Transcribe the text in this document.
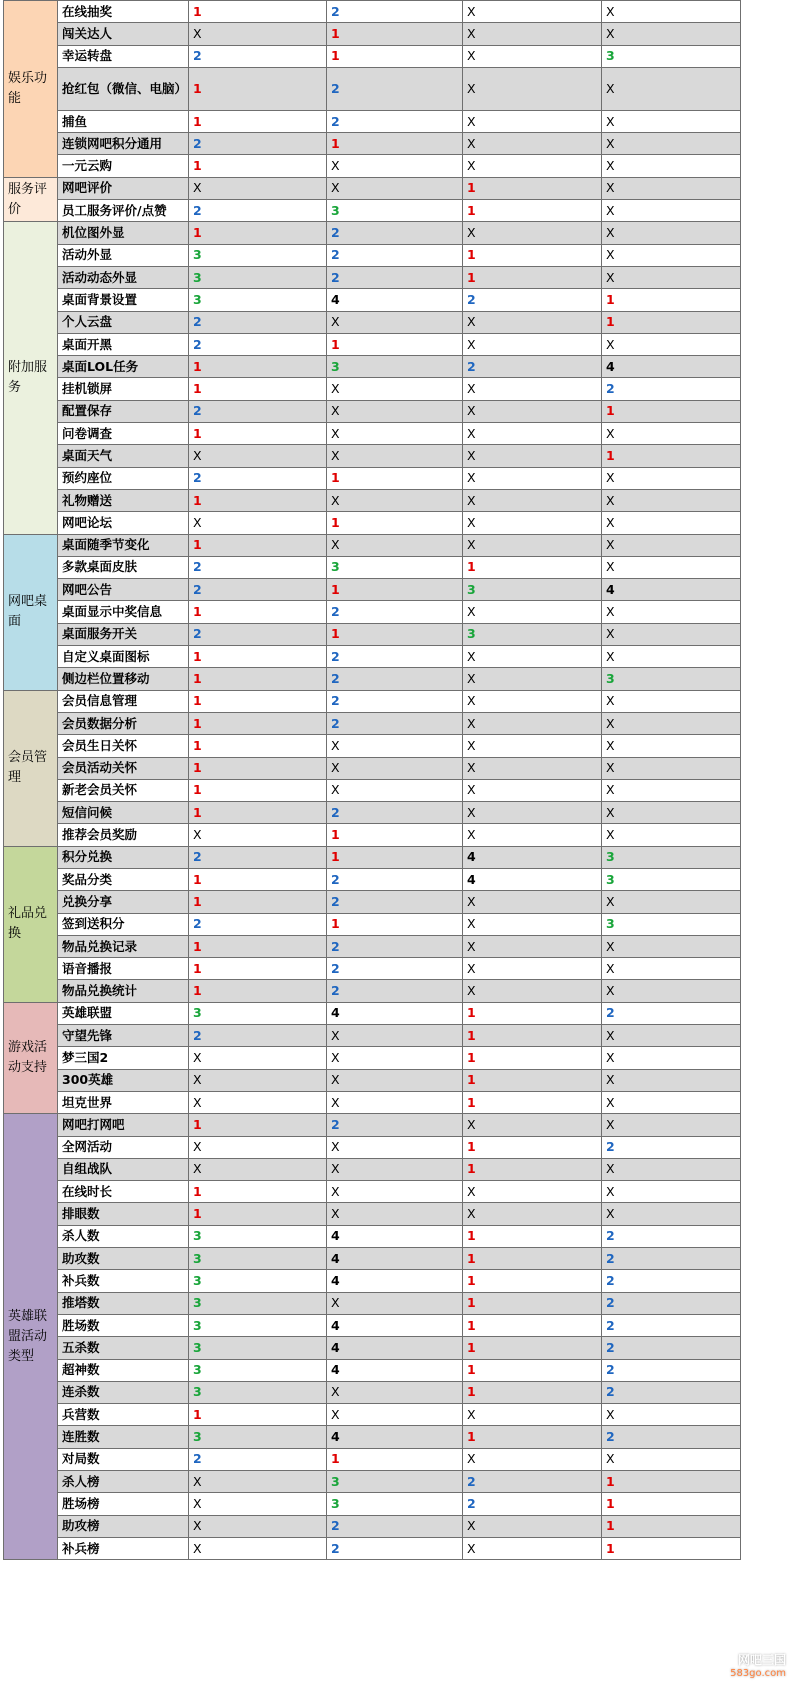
娱乐功能	在线抽奖	1	2	X	X
	闯关达人	X	1	X	X
	幸运转盘	2	1	X	3
	抢红包（微信、电脑）	1	2	X	X
	捕鱼	1	2	X	X
	连锁网吧积分通用	2	1	X	X
	一元云购	1	X	X	X
服务评价	网吧评价	X	X	1	X
	员工服务评价/点赞	2	3	1	X
附加服务	机位图外显	1	2	X	X
	活动外显	3	2	1	X
	活动动态外显	3	2	1	X
	桌面背景设置	3	4	2	1
	个人云盘	2	X	X	1
	桌面开黑	2	1	X	X
	桌面LOL任务	1	3	2	4
	挂机锁屏	1	X	X	2
	配置保存	2	X	X	1
	问卷调查	1	X	X	X
	桌面天气	X	X	X	1
	预约座位	2	1	X	X
	礼物赠送	1	X	X	X
	网吧论坛	X	1	X	X
网吧桌面	桌面随季节变化	1	X	X	X
	多款桌面皮肤	2	3	1	X
	网吧公告	2	1	3	4
	桌面显示中奖信息	1	2	X	X
	桌面服务开关	2	1	3	X
	自定义桌面图标	1	2	X	X
	侧边栏位置移动	1	2	X	3
会员管理	会员信息管理	1	2	X	X
	会员数据分析	1	2	X	X
	会员生日关怀	1	X	X	X
	会员活动关怀	1	X	X	X
	新老会员关怀	1	X	X	X
	短信问候	1	2	X	X
	推荐会员奖励	X	1	X	X
礼品兑换	积分兑换	2	1	4	3
	奖品分类	1	2	4	3
	兑换分享	1	2	X	X
	签到送积分	2	1	X	3
	物品兑换记录	1	2	X	X
	语音播报	1	2	X	X
	物品兑换统计	1	2	X	X
游戏活动支持	英雄联盟	3	4	1	2
	守望先锋	2	X	1	X
	梦三国2	X	X	1	X
	300英雄	X	X	1	X
	坦克世界	X	X	1	X
英雄联盟活动类型	网吧打网吧	1	2	X	X
	全网活动	X	X	1	2
	自组战队	X	X	1	X
	在线时长	1	X	X	X
	排眼数	1	X	X	X
	杀人数	3	4	1	2
	助攻数	3	4	1	2
	补兵数	3	4	1	2
	推塔数	3	X	1	2
	胜场数	3	4	1	2
	五杀数	3	4	1	2
	超神数	3	4	1	2
	连杀数	3	X	1	2
	兵营数	1	X	X	X
	连胜数	3	4	1	2
	对局数	2	1	X	X
	杀人榜	X	3	2	1
	胜场榜	X	3	2	1
	助攻榜	X	2	X	1
	补兵榜	X	2	X	1
网吧三国
583go.com
